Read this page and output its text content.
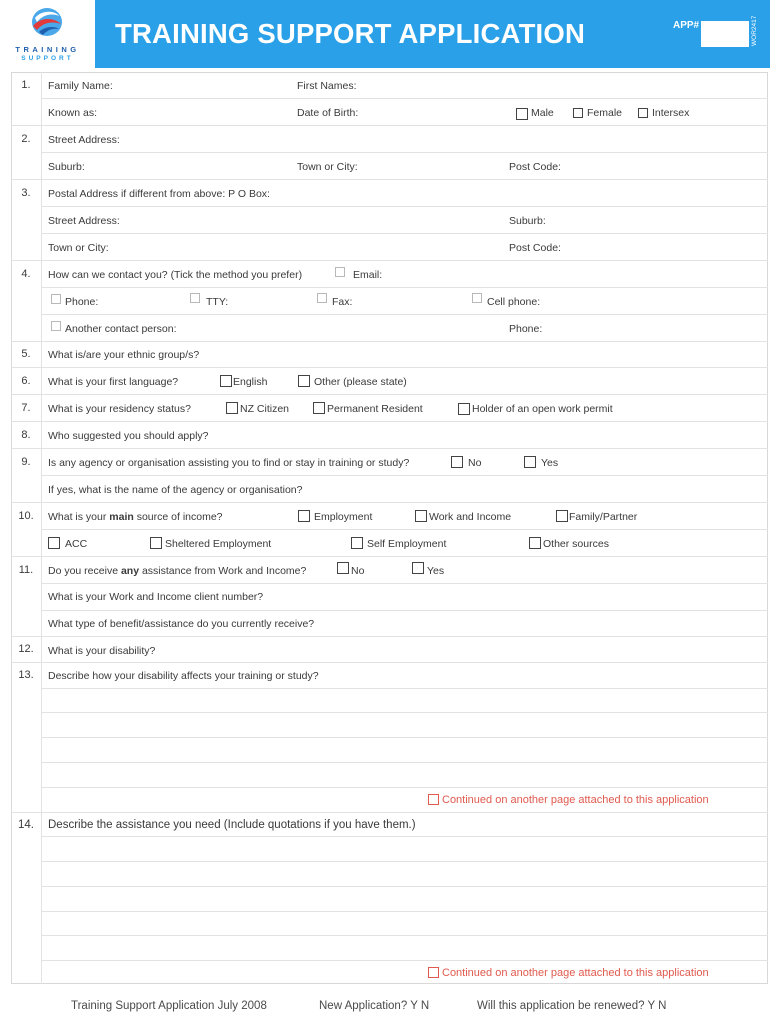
TRAINING
SUPPORT
TRAINING SUPPORT APPLICATION	APP#	WOR2417
1.	Family Name:	First Names:
Known as:	Date of Birth:	Male	Female	Intersex
2.	Street Address:
Suburb:	Town or City:	Post Code:
3.	Postal Address if different from above: P O Box:
Street Address:	Suburb:
Town or City:	Post Code:
4.	How can we contact you? (Tick the method you prefer)	Email:
Phone:	TTY:	Fax:	Cell phone:
Another contact person:	Phone:
5.	What is/are your ethnic group/s?
6.	What is your first language?	English	Other (please state)
7.	What is your residency status?	NZ Citizen	Permanent Resident	Holder of an open work permit
8.	Who suggested you should apply?
9.	Is any agency or organisation assisting you to find or stay in training or study?	No	Yes
If yes, what is the name of the agency or organisation?
10.	What is your main source of income?	Employment	Work and Income	Family/Partner
ACC	Sheltered Employment	Self Employment	Other sources
11.	Do you receive any assistance from Work and Income?	No	Yes
What is your Work and Income client number?
What type of benefit/assistance do you currently receive?
12.	What is your disability?
13.	Describe how your disability affects your training or study?
Continued on another page attached to this application
14.	Describe the assistance you need (Include quotations if you have them.)
Continued on another page attached to this application
Training Support Application July 2008	New Application? Y N	Will this application be renewed? Y N
